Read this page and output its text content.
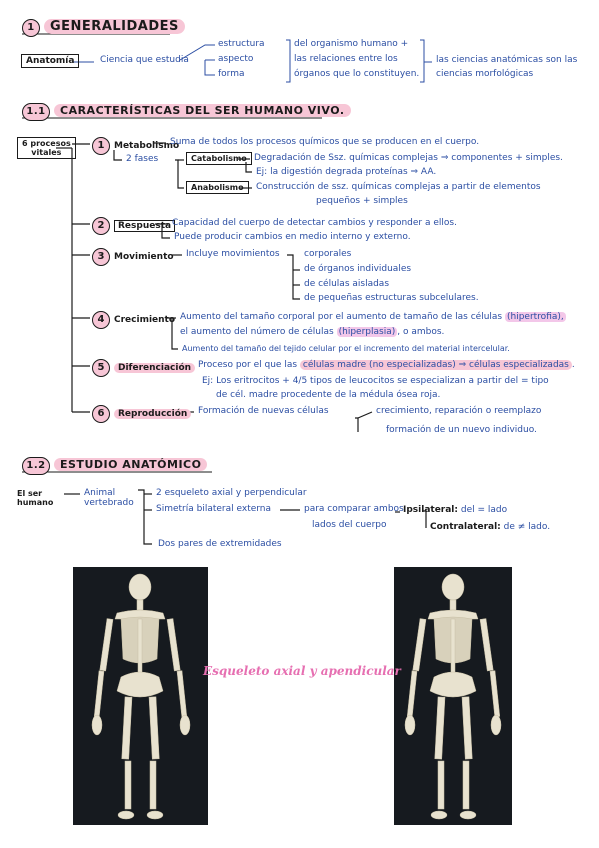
1 GENERALIDADES
Anatomía	Ciencia que estudia
estructura
aspecto
forma
del organismo humano +
las relaciones entre los
órganos que lo constituyen.
las ciencias anatómicas son las
ciencias morfológicas
1.1 CARACTERÍSTICAS DEL SER HUMANO VIVO.
6 procesos
vitales
1 Metabolismo
Suma de todos los procesos químicos que se producen en el cuerpo.
2 fases	Catabolismo Degradación de Ssz. químicas complejas ⇒ componentes + simples.
Ej: la digestión degrada proteínas ⇒ AA.
Anabolismo	Construcción de ssz. químicas complejas a partir de elementos
pequeños + simples
2 Respuesta Capacidad del cuerpo de detectar cambios y responder a ellos.
Puede producir cambios en medio interno y externo.
3 Movimiento Incluye movimientos	corporales
de órganos individuales
de células aisladas
de pequeñas estructuras subcelulares.
4 Crecimiento Aumento del tamaño corporal por el aumento de tamaño de las células (hipertrofia),
el aumento del número de células (hiperplasia) , o ambos.
Aumento del tamaño del tejido celular por el incremento del material intercelular.
5 Diferenciación Proceso por el que las células madre (no especializadas) ⇒ células especializadas .
Ej: Los eritrocitos + 4/5 tipos de leucocitos se especializan a partir del = tipo
de cél. madre procedente de la médula ósea roja.
6 Reproducción	Formación de nuevas células	crecimiento, reparación o reemplazo
formación de un nuevo individuo.
1.2 ESTUDIO ANATÓMICO
El ser
humano
Animal
vertebrado
2 esqueleto axial y perpendicular
Simetría bilateral externa	para comparar ambos
lados del cuerpo
Ipsilateral: del = lado
Contralateral: de ≠ lado.
Dos pares de extremidades
Esqueleto axial y apendicular
